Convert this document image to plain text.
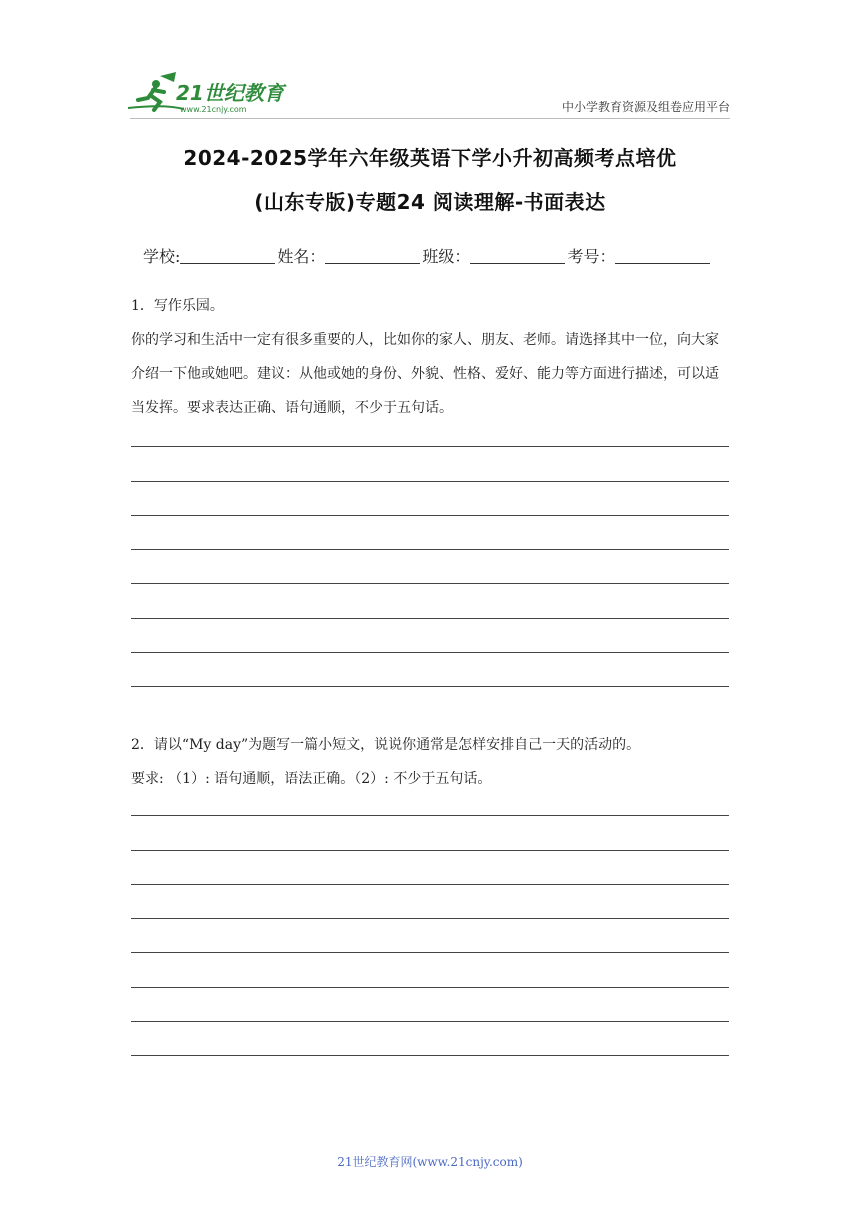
21世纪教育
www.21cnjy.com	中小学教育资源及组卷应用平台
2024-2025学年六年级英语下学小升初高频考点培优
(山东专版)专题24 阅读理解-书面表达
学校:	姓名：	班级：	考号：
1．写作乐园。
你的学习和生活中一定有很多重要的人，比如你的家人、朋友、老师。请选择其中一位，向大家介绍一下他或她吧。建议：从他或她的身份、外貌、性格、爱好、能力等方面进行描述，可以适当发挥。要求表达正确、语句通顺，不少于五句话。
2．请以“My day”为题写一篇小短文，说说你通常是怎样安排自己一天的活动的。
要求: （1）: 语句通顺，语法正确。（2）: 不少于五句话。
21世纪教育网(www.21cnjy.com)
